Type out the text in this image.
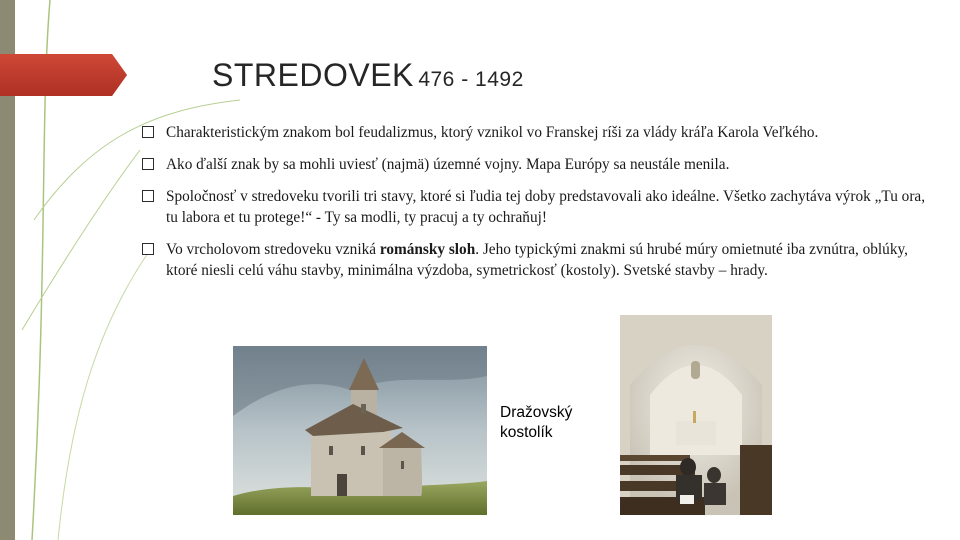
STREDOVEK 476 - 1492
Charakteristickým znakom bol feudalizmus, ktorý vznikol vo Franskej ríši za vlády kráľa Karola Veľkého.
Ako ďalší znak by sa mohli uviesť (najmä) územné vojny. Mapa Európy sa neustále menila.
Spoločnosť v stredoveku tvorili tri stavy, ktoré si ľudia tej doby predstavovali ako ideálne. Všetko zachytáva výrok „Tu ora, tu labora et tu protege!“ - Ty sa modli, ty pracuj a ty ochraňuj!
Vo vrcholovom stredoveku vzniká románsky sloh. Jeho typickými znakmi sú hrubé múry omietnuté iba zvnútra, oblúky, ktoré niesli celú váhu stavby, minimálna výzdoba, symetrickosť (kostoly). Svetské stavby – hrady.
Dražovský
kostolík
